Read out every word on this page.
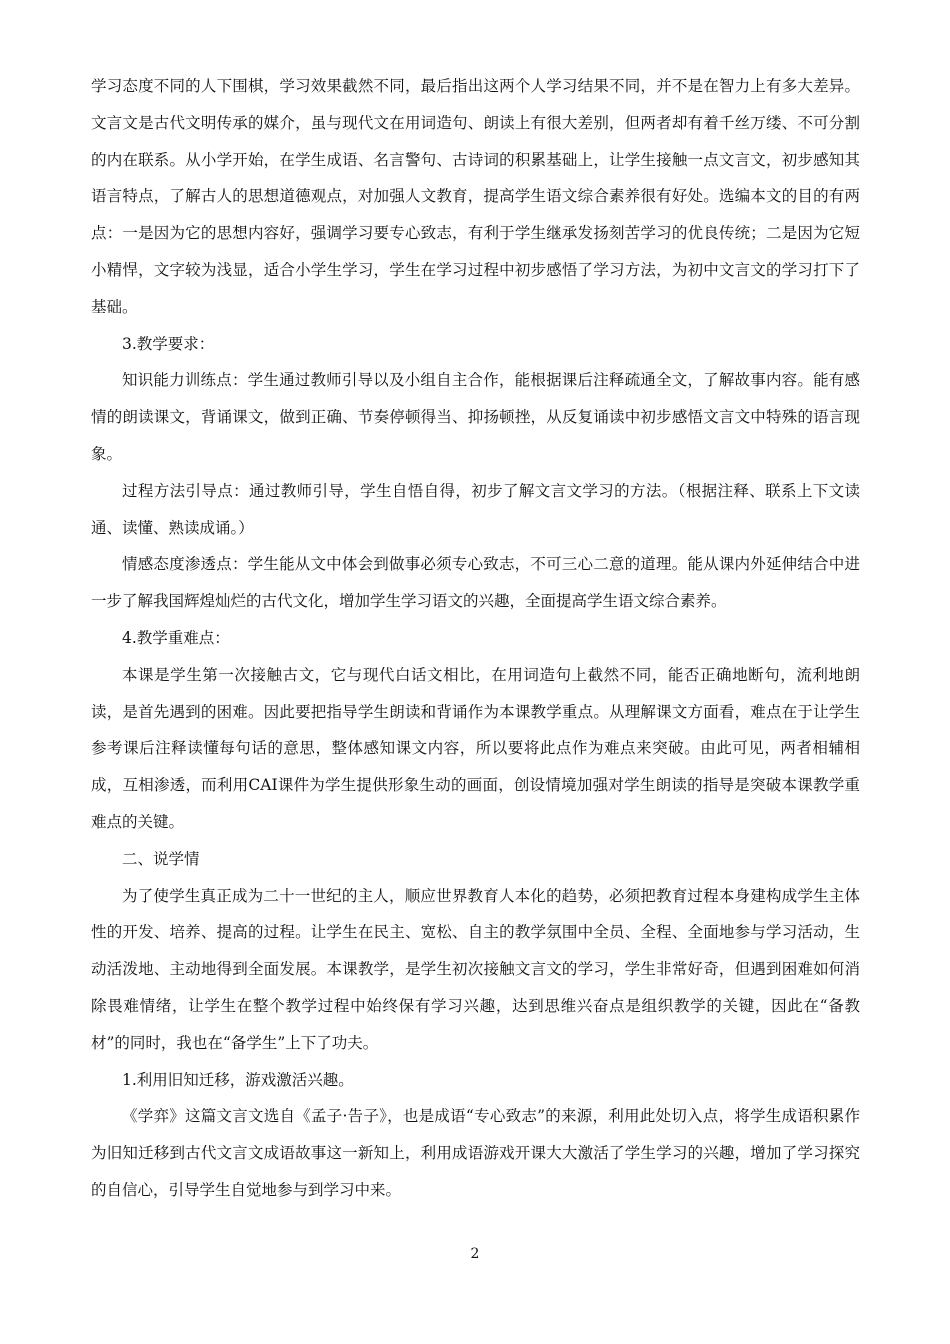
学习态度不同的人下围棋，学习效果截然不同，最后指出这两个人学习结果不同，并不是在智力上有多大差异。文言文是古代文明传承的媒介，虽与现代文在用词造句、朗读上有很大差别，但两者却有着千丝万缕、不可分割的内在联系。从小学开始，在学生成语、名言警句、古诗词的积累基础上，让学生接触一点文言文，初步感知其语言特点，了解古人的思想道德观点，对加强人文教育，提高学生语文综合素养很有好处。选编本文的目的有两点：一是因为它的思想内容好，强调学习要专心致志，有利于学生继承发扬刻苦学习的优良传统；二是因为它短小精悍，文字较为浅显，适合小学生学习，学生在学习过程中初步感悟了学习方法，为初中文言文的学习打下了基础。

3.教学要求：

知识能力训练点：学生通过教师引导以及小组自主合作，能根据课后注释疏通全文，了解故事内容。能有感情的朗读课文，背诵课文，做到正确、节奏停顿得当、抑扬顿挫，从反复诵读中初步感悟文言文中特殊的语言现象。

过程方法引导点：通过教师引导，学生自悟自得，初步了解文言文学习的方法。（根据注释、联系上下文读通、读懂、熟读成诵。）

情感态度渗透点：学生能从文中体会到做事必须专心致志，不可三心二意的道理。能从课内外延伸结合中进一步了解我国辉煌灿烂的古代文化，增加学生学习语文的兴趣，全面提高学生语文综合素养。

4.教学重难点：

本课是学生第一次接触古文，它与现代白话文相比，在用词造句上截然不同，能否正确地断句，流利地朗读，是首先遇到的困难。因此要把指导学生朗读和背诵作为本课教学重点。从理解课文方面看，难点在于让学生参考课后注释读懂每句话的意思，整体感知课文内容，所以要将此点作为难点来突破。由此可见，两者相辅相成，互相渗透，而利用CAI课件为学生提供形象生动的画面，创设情境加强对学生朗读的指导是突破本课教学重难点的关键。

二、说学情

为了使学生真正成为二十一世纪的主人，顺应世界教育人本化的趋势，必须把教育过程本身建构成学生主体性的开发、培养、提高的过程。让学生在民主、宽松、自主的教学氛围中全员、全程、全面地参与学习活动，生动活泼地、主动地得到全面发展。本课教学，是学生初次接触文言文的学习，学生非常好奇，但遇到困难如何消除畏难情绪，让学生在整个教学过程中始终保有学习兴趣，达到思维兴奋点是组织教学的关键，因此在“备教材”的同时，我也在“备学生”上下了功夫。

1.利用旧知迁移，游戏激活兴趣。

《学弈》这篇文言文选自《孟子·告子》，也是成语“专心致志”的来源，利用此处切入点，将学生成语积累作为旧知迁移到古代文言文成语故事这一新知上，利用成语游戏开课大大激活了学生学习的兴趣，增加了学习探究的自信心，引导学生自觉地参与到学习中来。

2
